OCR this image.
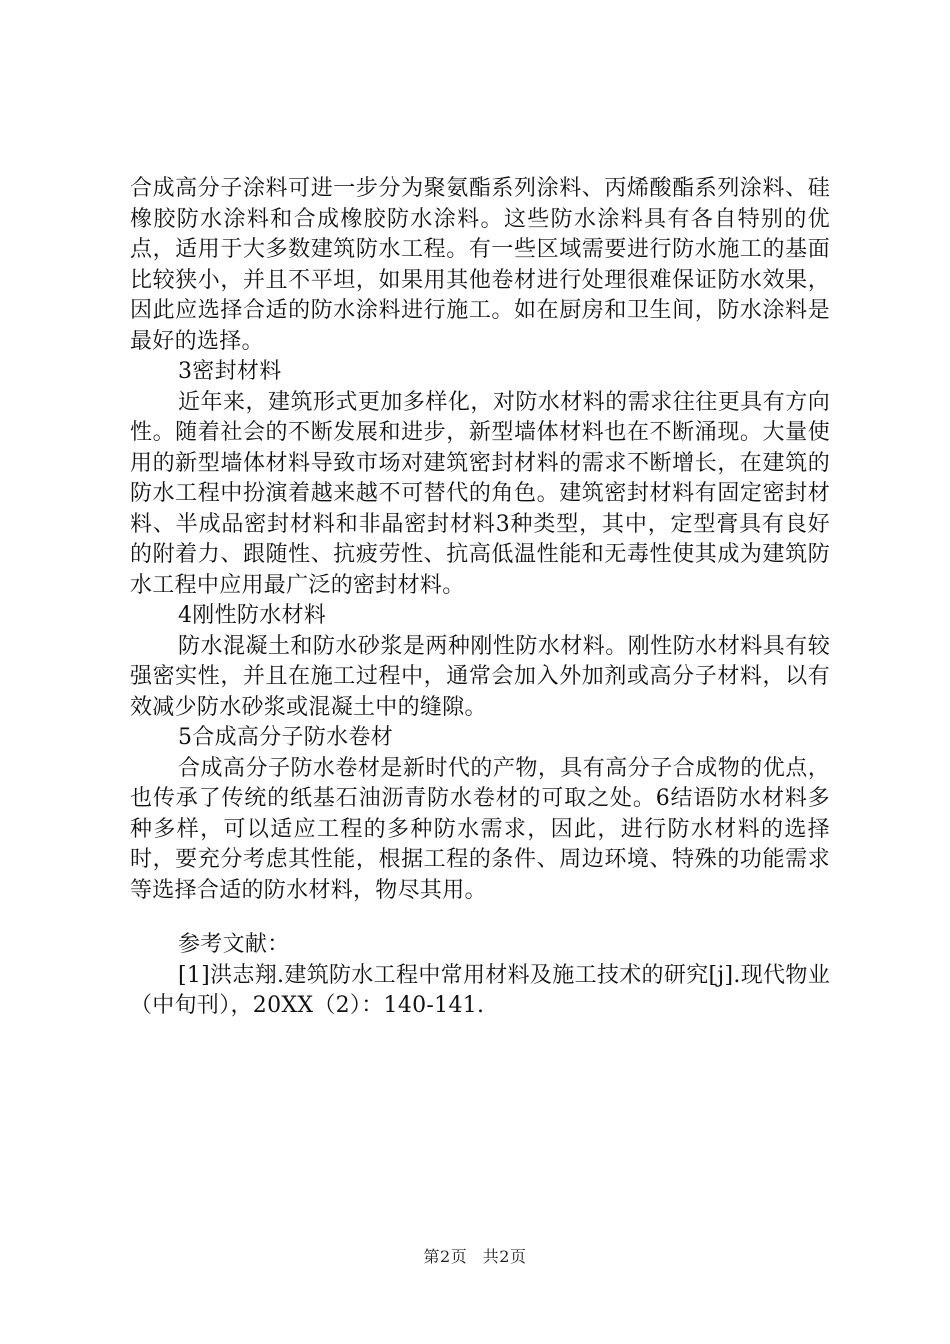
合成高分子涂料可进一步分为聚氨酯系列涂料、丙烯酸酯系列涂料、硅橡胶防水涂料和合成橡胶防水涂料。这些防水涂料具有各自特别的优点，适用于大多数建筑防水工程。有一些区域需要进行防水施工的基面比较狭小，并且不平坦，如果用其他卷材进行处理很难保证防水效果，因此应选择合适的防水涂料进行施工。如在厨房和卫生间，防水涂料是最好的选择。

3密封材料

近年来，建筑形式更加多样化，对防水材料的需求往往更具有方向性。随着社会的不断发展和进步，新型墙体材料也在不断涌现。大量使用的新型墙体材料导致市场对建筑密封材料的需求不断增长，在建筑的防水工程中扮演着越来越不可替代的角色。建筑密封材料有固定密封材料、半成品密封材料和非晶密封材料3种类型，其中，定型膏具有良好的附着力、跟随性、抗疲劳性、抗高低温性能和无毒性使其成为建筑防水工程中应用最广泛的密封材料。

4刚性防水材料

防水混凝土和防水砂浆是两种刚性防水材料。刚性防水材料具有较强密实性，并且在施工过程中，通常会加入外加剂或高分子材料，以有效减少防水砂浆或混凝土中的缝隙。

5合成高分子防水卷材

合成高分子防水卷材是新时代的产物，具有高分子合成物的优点，也传承了传统的纸基石油沥青防水卷材的可取之处。6结语防水材料多种多样，可以适应工程的多种防水需求，因此，进行防水材料的选择时，要充分考虑其性能，根据工程的条件、周边环境、特殊的功能需求等选择合适的防水材料，物尽其用。

参考文献：

[1]洪志翔.建筑防水工程中常用材料及施工技术的研究[j].现代物业（中旬刊），20XX（2）：140-141.

第2页 共2页
